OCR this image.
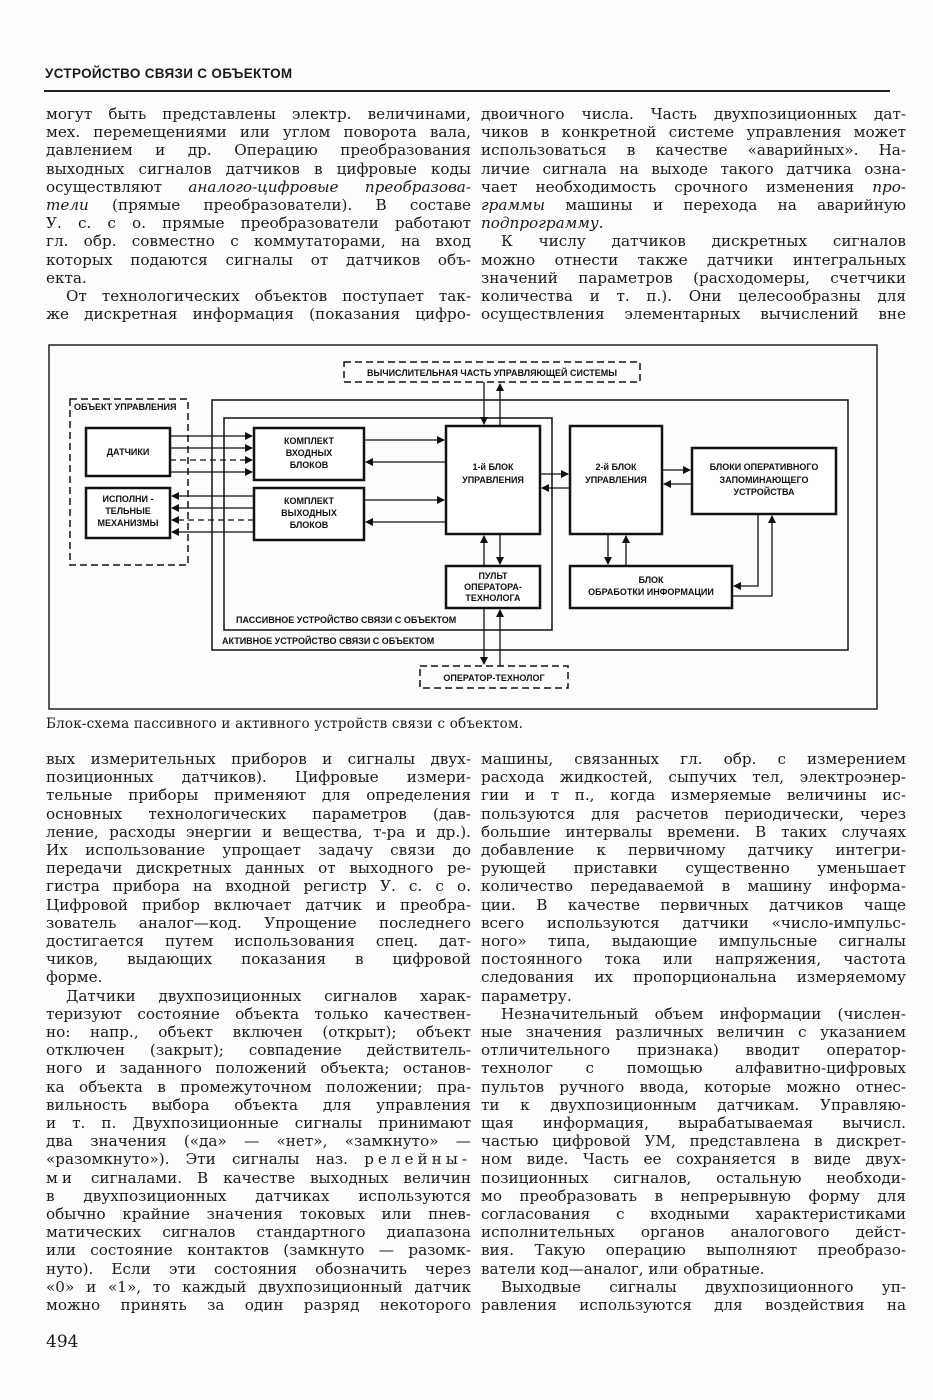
УСТРОЙСТВО СВЯЗИ С ОБЪЕКТОМ
могут быть представлены электр. величинами,
мех. перемещениями или углом поворота вала,
давлением и др. Операцию преобразования
выходных сигналов датчиков в цифровые коды
осуществляют аналого-цифровые преобразова-
тели (прямые преобразователи). В составе
У. с. с о. прямые преобразователи работают
гл. обр. совместно с коммутаторами, на вход
которых подаются сигналы от датчиков объ-
екта.
От технологических объектов поступает так-
же дискретная информация (показания цифро-
двоичного числа. Часть двухпозиционных дат-
чиков в конкретной системе управления может
использоваться в качестве «аварийных». На-
личие сигнала на выходе такого датчика озна-
чает необходимость срочного изменения про-
граммы машины и перехода на аварийную
подпрограмму.
К числу датчиков дискретных сигналов
можно отнести также датчики интегральных
значений параметров (расходомеры, счетчики
количества и т. п.). Они целесообразны для
осуществления элементарных вычислений вне
ВЫЧИСЛИТЕЛЬНАЯ ЧАСТЬ УПРАВЛЯЮЩЕЙ СИСТЕМЫ
АКТИВНОЕ УСТРОЙСТВО СВЯЗИ С ОБЪЕКТОМ
ПАССИВНОЕ УСТРОЙСТВО СВЯЗИ С ОБЪЕКТОМ
ОБЪЕКТ УПРАВЛЕНИЯ
ДАТЧИКИ
ИСПОЛНИ -
ТЕЛЬНЫЕ
МЕХАНИЗМЫ
КОМПЛЕКТ
ВХОДНЫХ
БЛОКОВ
КОМПЛЕКТ
ВЫХОДНЫХ
БЛОКОВ
1-й БЛОК
УПРАВЛЕНИЯ
2-й БЛОК
УПРАВЛЕНИЯ
БЛОКИ ОПЕРАТИВНОГО
ЗАПОМИНАЮЩЕГО
УСТРОЙСТВА
ПУЛЬТ
ОПЕРАТОРА-
ТЕХНОЛОГА
БЛОК
ОБРАБОТКИ ИНФОРМАЦИИ
ОПЕРАТОР-ТЕХНОЛОГ
Блок-схема пассивного и активного устройств связи с объектом.
вых измерительных приборов и сигналы двух-
позиционных датчиков). Цифровые измери-
тельные приборы применяют для определения
основных технологических параметров (дав-
ление, расходы энергии и вещества, т-ра и др.).
Их использование упрощает задачу связи до
передачи дискретных данных от выходного ре-
гистра прибора на входной регистр У. с. с о.
Цифровой прибор включает датчик и преобра-
зователь аналог—код. Упрощение последнего
достигается путем использования спец. дат-
чиков, выдающих показания в цифровой
форме.
Датчики двухпозиционных сигналов харак-
теризуют состояние объекта только качествен-
но: напр., объект включен (открыт); объект
отключен (закрыт); совпадение действитель-
ного и заданного положений объекта; останов-
ка объекта в промежуточном положении; пра-
вильность выбора объекта для управления
и т. п. Двухпозиционные сигналы принимают
два значения («да» — «нет», «замкнуто» —
«разомкнуто»). Эти сигналы наз. релейны-
ми сигналами. В качестве выходных величин
в двухпозиционных датчиках используются
обычно крайние значения токовых или пнев-
матических сигналов стандартного диапазона
или состояние контактов (замкнуто — разомк-
нуто). Если эти состояния обозначить через
«0» и «1», то каждый двухпозиционный датчик
можно принять за один разряд некоторого
машины, связанных гл. обр. с измерением
расхода жидкостей, сыпучих тел, электроэнер-
гии и т п., когда измеряемые величины ис-
пользуются для расчетов периодически, через
большие интервалы времени. В таких случаях
добавление к первичному датчику интегри-
рующей приставки существенно уменьшает
количество передаваемой в машину информа-
ции. В качестве первичных датчиков чаще
всего используются датчики «число-импульс-
ного» типа, выдающие импульсные сигналы
постоянного тока или напряжения, частота
следования их пропорциональна измеряемому
параметру.
Незначительный объем информации (числен-
ные значения различных величин с указанием
отличительного признака) вводит оператор-
технолог с помощью алфавитно-цифровых
пультов ручного ввода, которые можно отнес-
ти к двухпозиционным датчикам. Управляю-
щая информация, вырабатываемая вычисл.
частью цифровой УМ, представлена в дискрет-
ном виде. Часть ее сохраняется в виде двух-
позиционных сигналов, остальную необходи-
мо преобразовать в непрерывную форму для
согласования с входными характеристиками
исполнительных органов аналогового дейст-
вия. Такую операцию выполняют преобразо-
ватели код—аналог, или обратные.
Выходвые сигналы двухпозиционного уп-
равления используются для воздействия на
494
